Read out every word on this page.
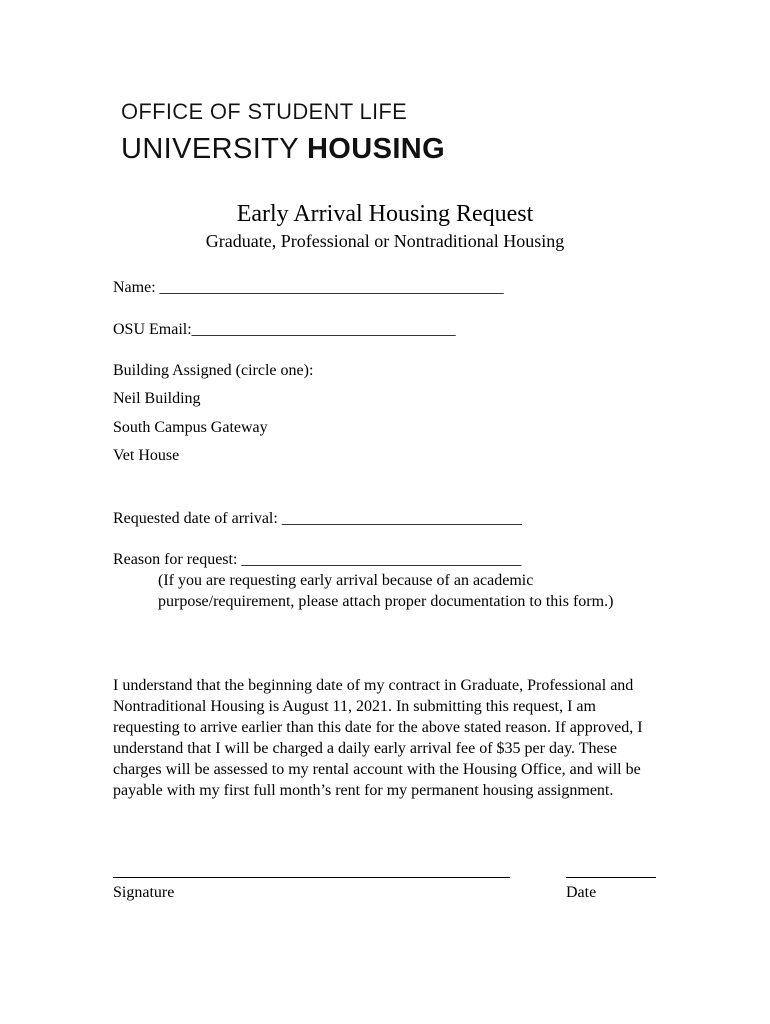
OFFICE OF STUDENT LIFE
UNIVERSITY HOUSING
Early Arrival Housing Request
Graduate, Professional or Nontraditional Housing
Name: ___________________________________________
OSU Email:_________________________________
Building Assigned (circle one):
Neil Building
South Campus Gateway
Vet House
Requested date of arrival: ______________________________
Reason for request: ___________________________________
(If you are requesting early arrival because of an academic purpose/requirement, please attach proper documentation to this form.)
I understand that the beginning date of my contract in Graduate, Professional and Nontraditional Housing is August 11, 2021. In submitting this request, I am requesting to arrive earlier than this date for the above stated reason. If approved, I understand that I will be charged a daily early arrival fee of $35 per day. These charges will be assessed to my rental account with the Housing Office, and will be payable with my first full month’s rent for my permanent housing assignment.
Signature	Date
